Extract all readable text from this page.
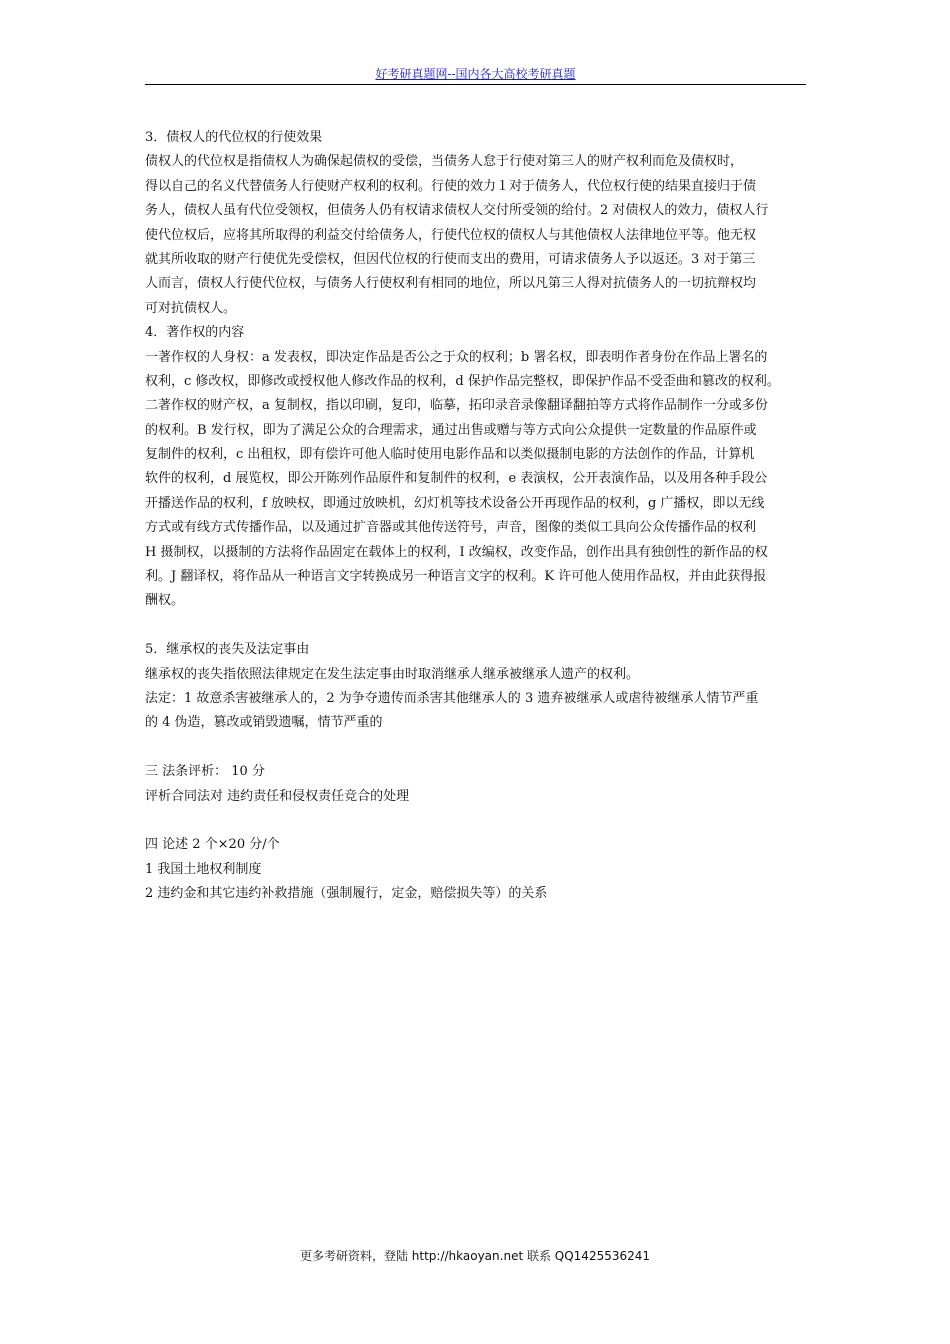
好考研真题网--国内各大高校考研真题
3．债权人的代位权的行使效果
债权人的代位权是指债权人为确保起债权的受偿，当债务人怠于行使对第三人的财产权利而危及债权时，
得以自己的名义代替债务人行使财产权利的权利。行使的效力１对于债务人，代位权行使的结果直接归于债
务人，债权人虽有代位受领权，但债务人仍有权请求债权人交付所受领的给付。2 对债权人的效力，债权人行
使代位权后，应将其所取得的利益交付给债务人，行使代位权的债权人与其他债权人法律地位平等。他无权
就其所收取的财产行使优先受偿权，但因代位权的行使而支出的费用，可请求债务人予以返还。3 对于第三
人而言，债权人行使代位权，与债务人行使权利有相同的地位，所以凡第三人得对抗债务人的一切抗辩权均
可对抗债权人。
4．著作权的内容
一著作权的人身权：a 发表权，即决定作品是否公之于众的权利；b 署名权，即表明作者身份在作品上署名的
权利，c 修改权，即修改或授权他人修改作品的权利，d 保护作品完整权，即保护作品不受歪曲和篡改的权利。
二著作权的财产权，a 复制权，指以印刷，复印，临摹，拓印录音录像翻译翻拍等方式将作品制作一分或多份
的权利。B 发行权，即为了满足公众的合理需求，通过出售或赠与等方式向公众提供一定数量的作品原件或
复制件的权利，c 出租权，即有偿许可他人临时使用电影作品和以类似摄制电影的方法创作的作品，计算机
软件的权利，d 展览权，即公开陈列作品原件和复制件的权利，e 表演权，公开表演作品，以及用各种手段公
开播送作品的权利，f 放映权，即通过放映机，幻灯机等技术设备公开再现作品的权利，g 广播权，即以无线
方式或有线方式传播作品，以及通过扩音器或其他传送符号，声音，图像的类似工具向公众传播作品的权利
H 摄制权，以摄制的方法将作品固定在载体上的权利，I 改编权，改变作品，创作出具有独创性的新作品的权
利。J 翻译权，将作品从一种语言文字转换成另一种语言文字的权利。K 许可他人使用作品权，并由此获得报
酬权。
5．继承权的丧失及法定事由
继承权的丧失指依照法律规定在发生法定事由时取消继承人继承被继承人遗产的权利。
法定：1 故意杀害被继承人的，2 为争夺遗传而杀害其他继承人的 3 遗弃被继承人或虐待被继承人情节严重
的 4 伪造，篡改或销毁遗嘱，情节严重的
三 法条评析： 10 分
评析合同法对 违约责任和侵权责任竞合的处理
四 论述 2 个×20 分/个
1 我国土地权利制度
2 违约金和其它违约补救措施（强制履行，定金，赔偿损失等）的关系
更多考研资料，登陆 http://hkaoyan.net 联系 QQ1425536241
